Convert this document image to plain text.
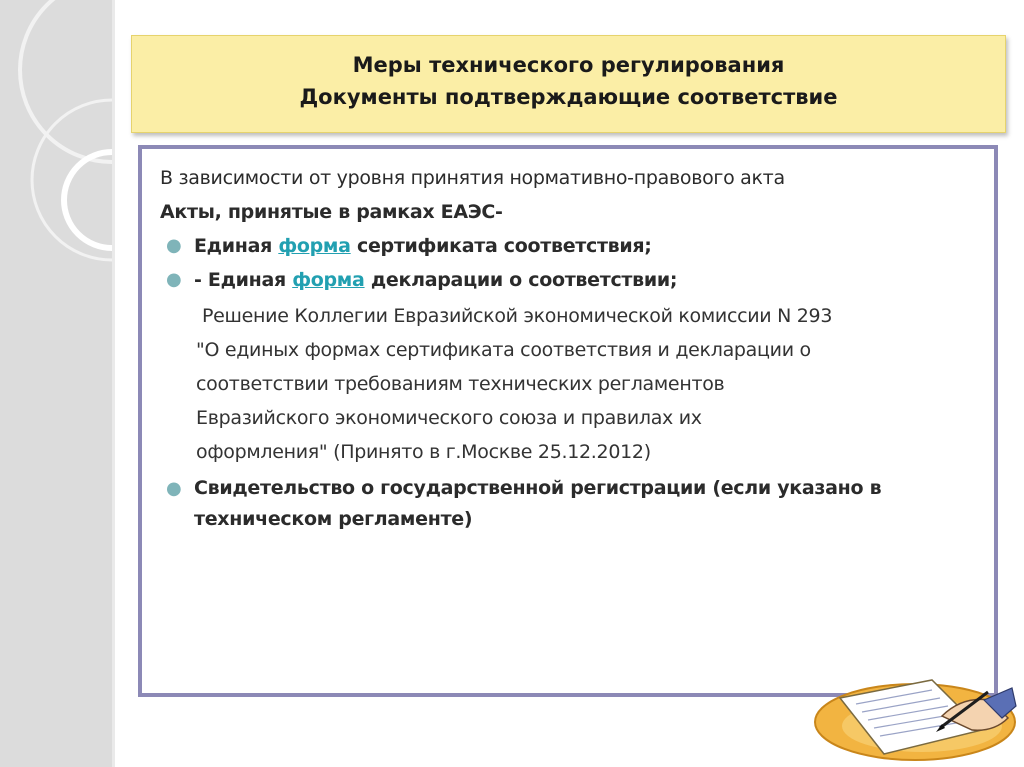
Меры технического регулирования
Документы подтверждающие соответствие
В зависимости от уровня принятия нормативно-правового акта
Акты, принятые в рамках ЕАЭС-
● Единая форма сертификата соответствия;
● - Единая форма декларации о соответствии;
Решение Коллегии Евразийской экономической комиссии N 293
"О единых формах сертификата соответствия и декларации о
соответствии требованиям технических регламентов
Евразийского экономического союза и правилах их
оформления" (Принято в г.Москве 25.12.2012)
● Свидетельство о государственной регистрации (если указано в техническом регламенте)
